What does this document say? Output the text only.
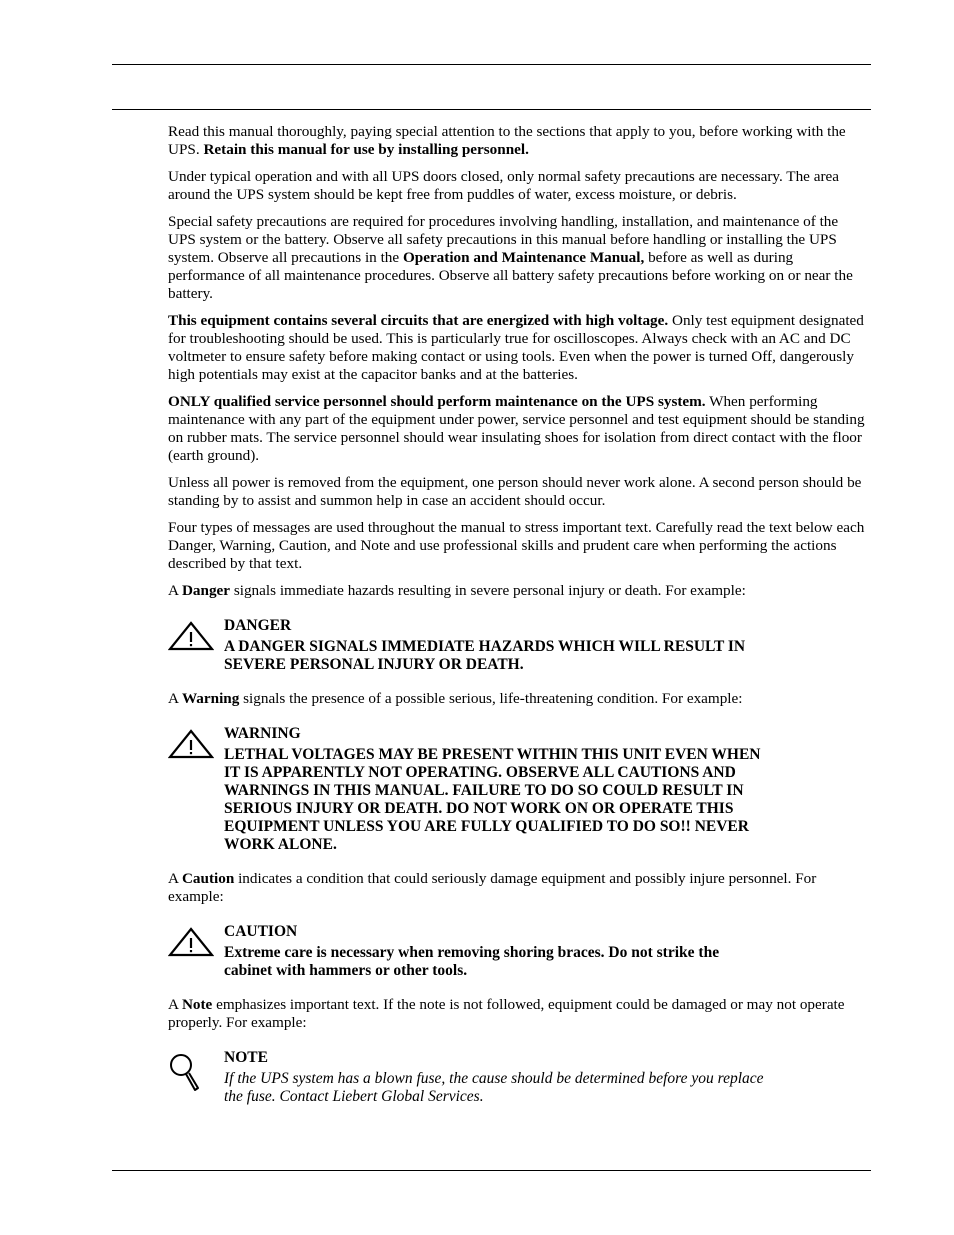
Read this manual thoroughly, paying special attention to the sections that apply to you, before working with the UPS. Retain this manual for use by installing personnel.

Under typical operation and with all UPS doors closed, only normal safety precautions are necessary. The area around the UPS system should be kept free from puddles of water, excess moisture, or debris.

Special safety precautions are required for procedures involving handling, installation, and maintenance of the UPS system or the battery. Observe all safety precautions in this manual before handling or installing the UPS system. Observe all precautions in the Operation and Maintenance Manual, before as well as during performance of all maintenance procedures. Observe all battery safety precautions before working on or near the battery.

This equipment contains several circuits that are energized with high voltage. Only test equipment designated for troubleshooting should be used. This is particularly true for oscilloscopes. Always check with an AC and DC voltmeter to ensure safety before making contact or using tools. Even when the power is turned Off, dangerously high potentials may exist at the capacitor banks and at the batteries.

ONLY qualified service personnel should perform maintenance on the UPS system. When performing maintenance with any part of the equipment under power, service personnel and test equipment should be standing on rubber mats. The service personnel should wear insulating shoes for isolation from direct contact with the floor (earth ground).

Unless all power is removed from the equipment, one person should never work alone. A second person should be standing by to assist and summon help in case an accident should occur.

Four types of messages are used throughout the manual to stress important text. Carefully read the text below each Danger, Warning, Caution, and Note and use professional skills and prudent care when performing the actions described by that text.

A Danger signals immediate hazards resulting in severe personal injury or death. For example:

DANGER
A DANGER SIGNALS IMMEDIATE HAZARDS WHICH WILL RESULT IN SEVERE PERSONAL INJURY OR DEATH.

A Warning signals the presence of a possible serious, life-threatening condition. For example:

WARNING
LETHAL VOLTAGES MAY BE PRESENT WITHIN THIS UNIT EVEN WHEN IT IS APPARENTLY NOT OPERATING. OBSERVE ALL CAUTIONS AND WARNINGS IN THIS MANUAL. FAILURE TO DO SO COULD RESULT IN SERIOUS INJURY OR DEATH. DO NOT WORK ON OR OPERATE THIS EQUIPMENT UNLESS YOU ARE FULLY QUALIFIED TO DO SO!! NEVER WORK ALONE.

A Caution indicates a condition that could seriously damage equipment and possibly injure personnel. For example:

CAUTION
Extreme care is necessary when removing shoring braces. Do not strike the cabinet with hammers or other tools.

A Note emphasizes important text. If the note is not followed, equipment could be damaged or may not operate properly. For example:

NOTE
If the UPS system has a blown fuse, the cause should be determined before you replace the fuse. Contact Liebert Global Services.
